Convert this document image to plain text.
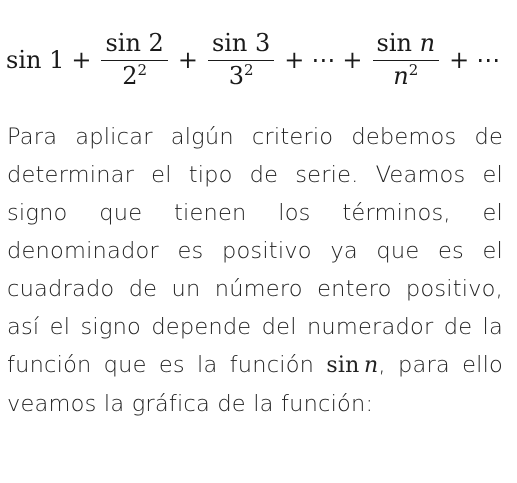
$\sin 1 + \frac{\sin 2}{2^2} + \frac{\sin 3}{3^2}$ + ⋯ + $\frac{\text{sin n}}{n^2}$ + ⋯

Para aplicar algún criterio debemos de determinar el tipo de serie. Veamos el signo que tienen los términos, el denominador es positivo ya que es el cuadrado de un número entero positivo, así el signo depende del numerador de la función que es la función sin  n, para ello veamos la gráfica de la función:
